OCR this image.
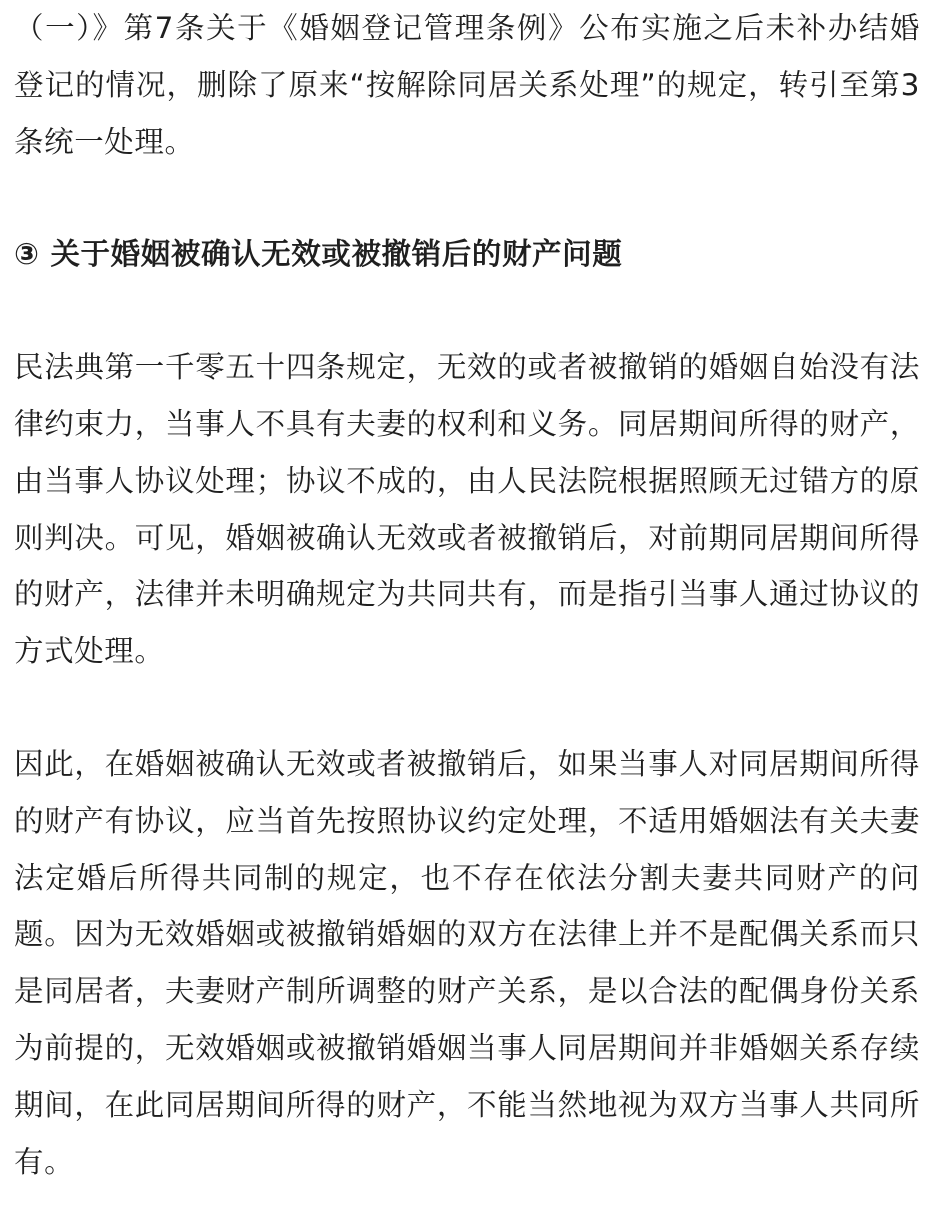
（一）》第7条关于《婚姻登记管理条例》公布实施之后未补办结婚登记的情况，删除了原来“按解除同居关系处理”的规定，转引至第3条统一处理。

③ 关于婚姻被确认无效或被撤销后的财产问题

民法典第一千零五十四条规定，无效的或者被撤销的婚姻自始没有法律约束力，当事人不具有夫妻的权利和义务。同居期间所得的财产，由当事人协议处理；协议不成的，由人民法院根据照顾无过错方的原则判决。可见，婚姻被确认无效或者被撤销后，对前期同居期间所得的财产，法律并未明确规定为共同共有，而是指引当事人通过协议的方式处理。

因此，在婚姻被确认无效或者被撤销后，如果当事人对同居期间所得的财产有协议，应当首先按照协议约定处理，不适用婚姻法有关夫妻法定婚后所得共同制的规定，也不存在依法分割夫妻共同财产的问题。因为无效婚姻或被撤销婚姻的双方在法律上并不是配偶关系而只是同居者，夫妻财产制所调整的财产关系，是以合法的配偶身份关系为前提的，无效婚姻或被撤销婚姻当事人同居期间并非婚姻关系存续期间，在此同居期间所得的财产，不能当然地视为双方当事人共同所有。
